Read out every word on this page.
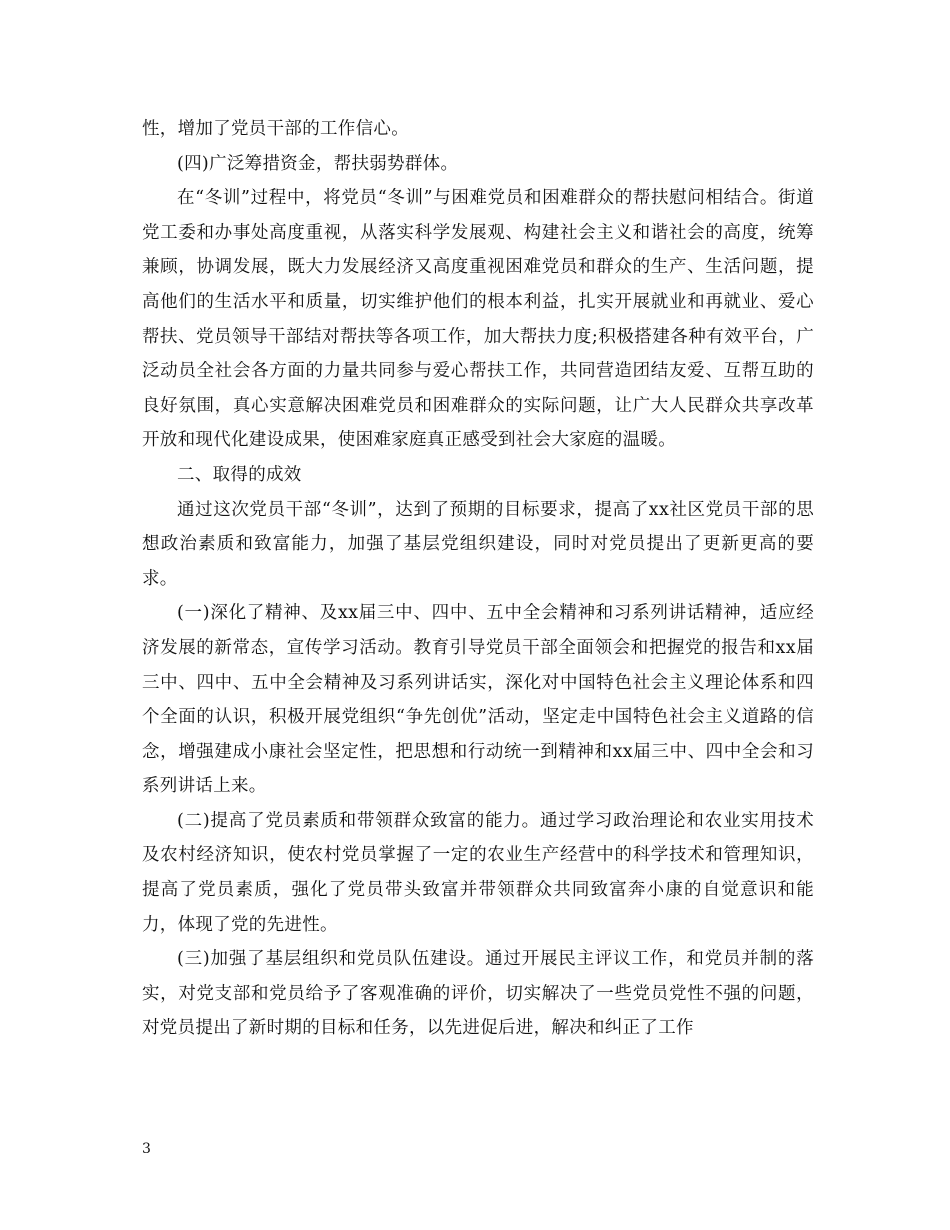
性，增加了党员干部的工作信心。

(四)广泛筹措资金，帮扶弱势群体。

在“冬训”过程中，将党员“冬训”与困难党员和困难群众的帮扶慰问相结合。街道党工委和办事处高度重视，从落实科学发展观、构建社会主义和谐社会的高度，统筹兼顾，协调发展，既大力发展经济又高度重视困难党员和群众的生产、生活问题，提高他们的生活水平和质量，切实维护他们的根本利益，扎实开展就业和再就业、爱心帮扶、党员领导干部结对帮扶等各项工作，加大帮扶力度;积极搭建各种有效平台，广泛动员全社会各方面的力量共同参与爱心帮扶工作，共同营造团结友爱、互帮互助的良好氛围，真心实意解决困难党员和困难群众的实际问题，让广大人民群众共享改革开放和现代化建设成果，使困难家庭真正感受到社会大家庭的温暖。

二、取得的成效

通过这次党员干部“冬训”，达到了预期的目标要求，提高了xx社区党员干部的思想政治素质和致富能力，加强了基层党组织建设，同时对党员提出了更新更高的要求。

(一)深化了精神、及xx届三中、四中、五中全会精神和习系列讲话精神，适应经济发展的新常态，宣传学习活动。教育引导党员干部全面领会和把握党的报告和xx届三中、四中、五中全会精神及习系列讲话实，深化对中国特色社会主义理论体系和四个全面的认识，积极开展党组织“争先创优”活动，坚定走中国特色社会主义道路的信念，增强建成小康社会坚定性，把思想和行动统一到精神和xx届三中、四中全会和习系列讲话上来。

(二)提高了党员素质和带领群众致富的能力。通过学习政治理论和农业实用技术及农村经济知识，使农村党员掌握了一定的农业生产经营中的科学技术和管理知识，提高了党员素质，强化了党员带头致富并带领群众共同致富奔小康的自觉意识和能力，体现了党的先进性。

(三)加强了基层组织和党员队伍建设。通过开展民主评议工作，和党员并制的落实，对党支部和党员给予了客观准确的评价，切实解决了一些党员党性不强的问题，对党员提出了新时期的目标和任务，以先进促后进，解决和纠正了工作

3
